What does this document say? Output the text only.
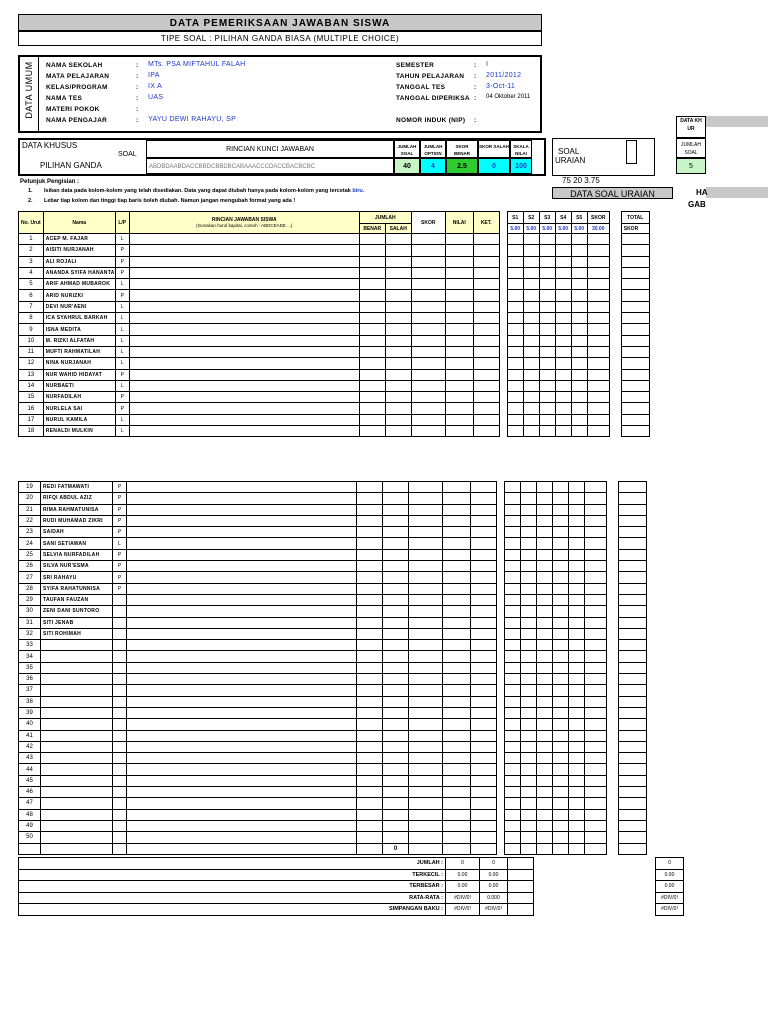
DATA PEMERIKSAAN JAWABAN SISWA
TIPE SOAL : PILIHAN GANDA BIASA (MULTIPLE CHOICE)
DATA UMUM NAMA SEKOLAH	: MTs. PSA MIFTAHUL FALAH
MATA PELAJARAN	: IPA
KELAS/PROGRAM	: IX A
NAMA TES	: UAS
MATERI POKOK	:
NAMA PENGAJAR	: YAYU DEWI RAHAYU, SP
SEMESTER	: I
TAHUN PELAJARAN : 2011/2012
TANGGAL TES	: 3-Oct-11
TANGGAL DIPERIKSA : 04 Oktober 2011
NOMOR INDUK (NIP) :
DATA KHUSUS
SOAL
PILIHAN GANDA
RINCIAN KUNCI JAWABAN
ABDBDAABDACCBBDCBBDBCABAAACCCDACCBACBCBC
JUMLAH SOAL
40
JUMLAH OPTION
4
SKOR BENAR
2.5
SKOR SALAH
0
SKALA NILAI
100
SOAL
URAIAN
DATA KH
UR
JUMLAH SOAL
5
Petunjuk Pengisian :
1. Isikan data pada kolom-kolom yang telah disediakan. Data yang dapat diubah hanya pada kolom-kolom yang tercetak biru.
2. Lebar tiap kolom dan tinggi tiap baris boleh diubah. Namun jangan mengubah format yang ada !
75 20 3.75
DATA SOAL URAIAN	HA
GAB
No. Urut	Nama	L/P	RINCIAN JAWABAN SISWA
(Gunakan huruf kapital, contoh : ABDCEADE ...)	JUMLAH		SKOR	NILAI	KET.		S1	S2	S3	S4	S5	SKOR		TOTAL	
				BENAR	SALAH					5.00	5.00	5.00	5.00	5.00	30.00		SKOR	
1	ACEP M. FAJAR	L																
2	AISITI NURJANAH	P																
3	ALI ROJALI	P																
4	ANANDA SYIFA HANANTA	P																
5	ARIF AHMAD MUBAROK	L																
6	ARID NURIZKI	P																
7	DEVI NUR'AENI	L																
8	ICA SYAHRUL BARKAH	L																
9	ISNA MEDITA	L																
10	M. RIZKI ALFATAH	L																
11	MUFTI RAHMATILAH	L																
12	NINA NURJANAH	L																
13	NUR WAHID HIDAYAT	P																
14	NURBAETI	L																
15	NURFADILAH	P																
16	NURLELA SAI	P																
17	NURUL KAMILA	L																
18	RENALDI MULKIN	L																
19	REDI FATMAWATI	P															
20	RIFQI ABDUL AZIZ	P															
21	RIMA RAHMATUNISA	P															
22	RUDI MUHAMAD ZIKRI	P															
23	SAIDAH	P															
24	SANI SETIAWAN	L															
25	SELVIA NURFADILAH	P															
26	SILVA NUR'ESMA	P															
27	SRI RAHAYU	P															
28	SYIFA RAHATUNNISA	P															
29	TAUFAN FAUZAN																
30	ZENI DANI SUNTORO																
31	SITI JENAB																
32	SITI ROHIMAH																
33																	
34																	
35																	
36																	
37																	
38																	
39																	
40																	
41																	
42																	
43																	
44																	
45																	
46																	
47																	
48																	
49																	
50																	
					0												
JUMLAH :	0	0					0
TERKECIL :	0.00	0.00					0.00
TERBESAR :	0.00	0.00					0.00
RATA-RATA :	#DIV/0!	0.000					#DIV/0!
SIMPANGAN BAKU :	#DIV/0!	#DIV/0!					#DIV/0!
